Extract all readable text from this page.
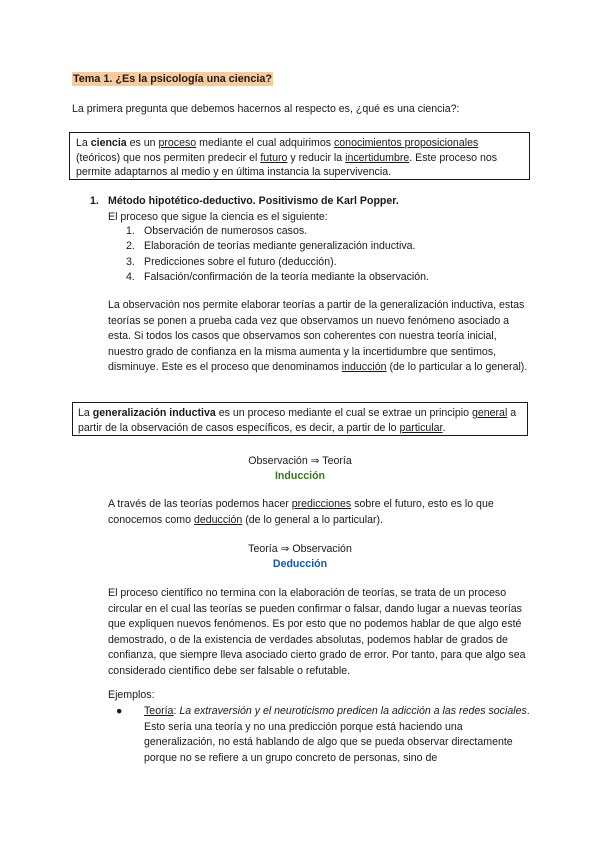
Tema 1. ¿Es la psicología una ciencia?

La primera pregunta que debemos hacernos al respecto es, ¿qué es una ciencia?:

La ciencia es un proceso mediante el cual adquirimos conocimientos proposicionales (teóricos) que nos permiten predecir el futuro y reducir la incertidumbre. Este proceso nos permite adaptarnos al medio y en última instancia la supervivencia.
1. Método hipotético-deductivo. Positivismo de Karl Popper.

El proceso que sigue la ciencia es el siguiente:

1. Observación de numerosos casos.
2. Elaboración de teorías mediante generalización inductiva.
3. Predicciones sobre el futuro (deducción).
4. Falsación/confirmación de la teoría mediante la observación.

La observación nos permite elaborar teorías a partir de la generalización inductiva, estas teorías se ponen a prueba cada vez que observamos un nuevo fenómeno asociado a esta. Si todos los casos que observamos son coherentes con nuestra teoría inicial, nuestro grado de confianza en la misma aumenta y la incertidumbre que sentimos, disminuye. Este es el proceso que denominamos inducción (de lo particular a lo general).

La generalización inductiva es un proceso mediante el cual se extrae un principio general a partir de la observación de casos específicos, es decir, a partir de lo particular.
Observación ⇒ Teoría
Inducción

A través de las teorías podemos hacer predicciones sobre el futuro, esto es lo que conocemos como deducción (de lo general a lo particular).

Teoría ⇒ Observación
Deducción

El proceso científico no termina con la elaboración de teorías, se trata de un proceso circular en el cual las teorías se pueden confirmar o falsar, dando lugar a nuevas teorías que expliquen nuevos fenómenos. Es por esto que no podemos hablar de que algo esté demostrado, o de la existencia de verdades absolutas, podemos hablar de grados de confianza, que siempre lleva asociado cierto grado de error. Por tanto, para que algo sea considerado científico debe ser falsable o refutable.

Ejemplos:

● Teoría: La extraversión y el neuroticismo predicen la adicción a las redes sociales. Esto sería una teoría y no una predicción porque está haciendo una generalización, no está hablando de algo que se pueda observar directamente porque no se refiere a un grupo concreto de personas, sino de
